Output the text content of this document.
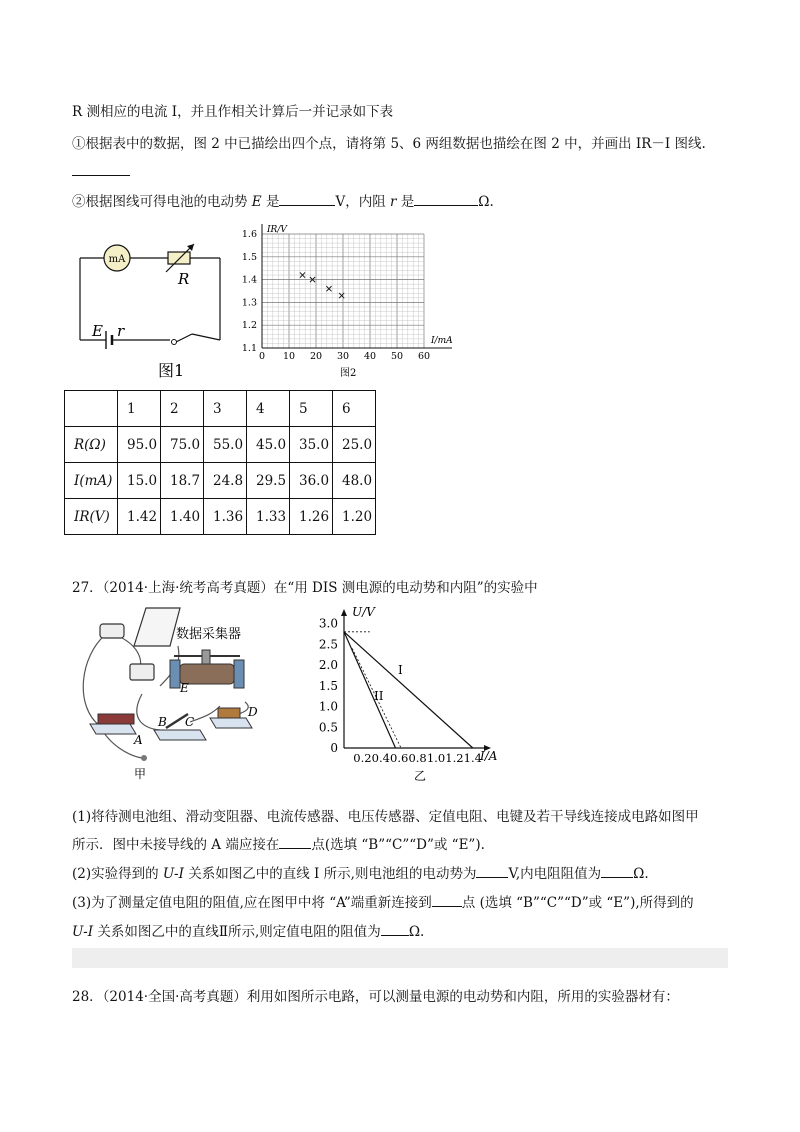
R 测相应的电流 I，并且作相关计算后一并记录如下表
①根据表中的数据，图 2 中已描绘出四个点，请将第 5、6 两组数据也描绘在图 2 中，并画出 IR－I 图线.
②根据图线可得电池的电动势 E 是	V，内阻 r 是	Ω.
mA
R
E r
图1
1.6
1.5
1.4
1.3
1.2
1.1
0 10 20 30 40 50 60
IR/V
I/mA
图2
	1	2	3	4	5	6
R(Ω)	95.0	75.0	55.0	45.0	35.0	25.0
I(mA)	15.0	18.7	24.8	29.5	36.0	48.0
IR(V)	1.42	1.40	1.36	1.33	1.26	1.20
27．（2014·上海·统考高考真题）在“用 DIS 测电源的电动势和内阻”的实验中
数据采集器
E
B C
D
A
甲
3.0
2.5
2.0
1.5
1.0
0.5
0
0.2 0.4 0.6 0.8 1.0 1.2 1.4
U/V
I/A
I
II
乙
(1)将待测电池组、滑动变阻器、电流传感器、电压传感器、定值电阻、电键及若干导线连接成电路如图甲
所示．图中未接导线的 A 端应接在 点(选填 “B”“C”“D”或 “E”).
(2)实验得到的 U-I 关系如图乙中的直线 I 所示,则电池组的电动势为 V,内电阻阻值为 Ω.
(3)为了测量定值电阻的阻值,应在图甲中将 “A”端重新连接到 点 (选填 “B”“C”“D”或 “E”),所得到的
U-I 关系如图乙中的直线Ⅱ所示,则定值电阻的阻值为 Ω.
28．（2014·全国·高考真题）利用如图所示电路，可以测量电源的电动势和内阻，所用的实验器材有：
